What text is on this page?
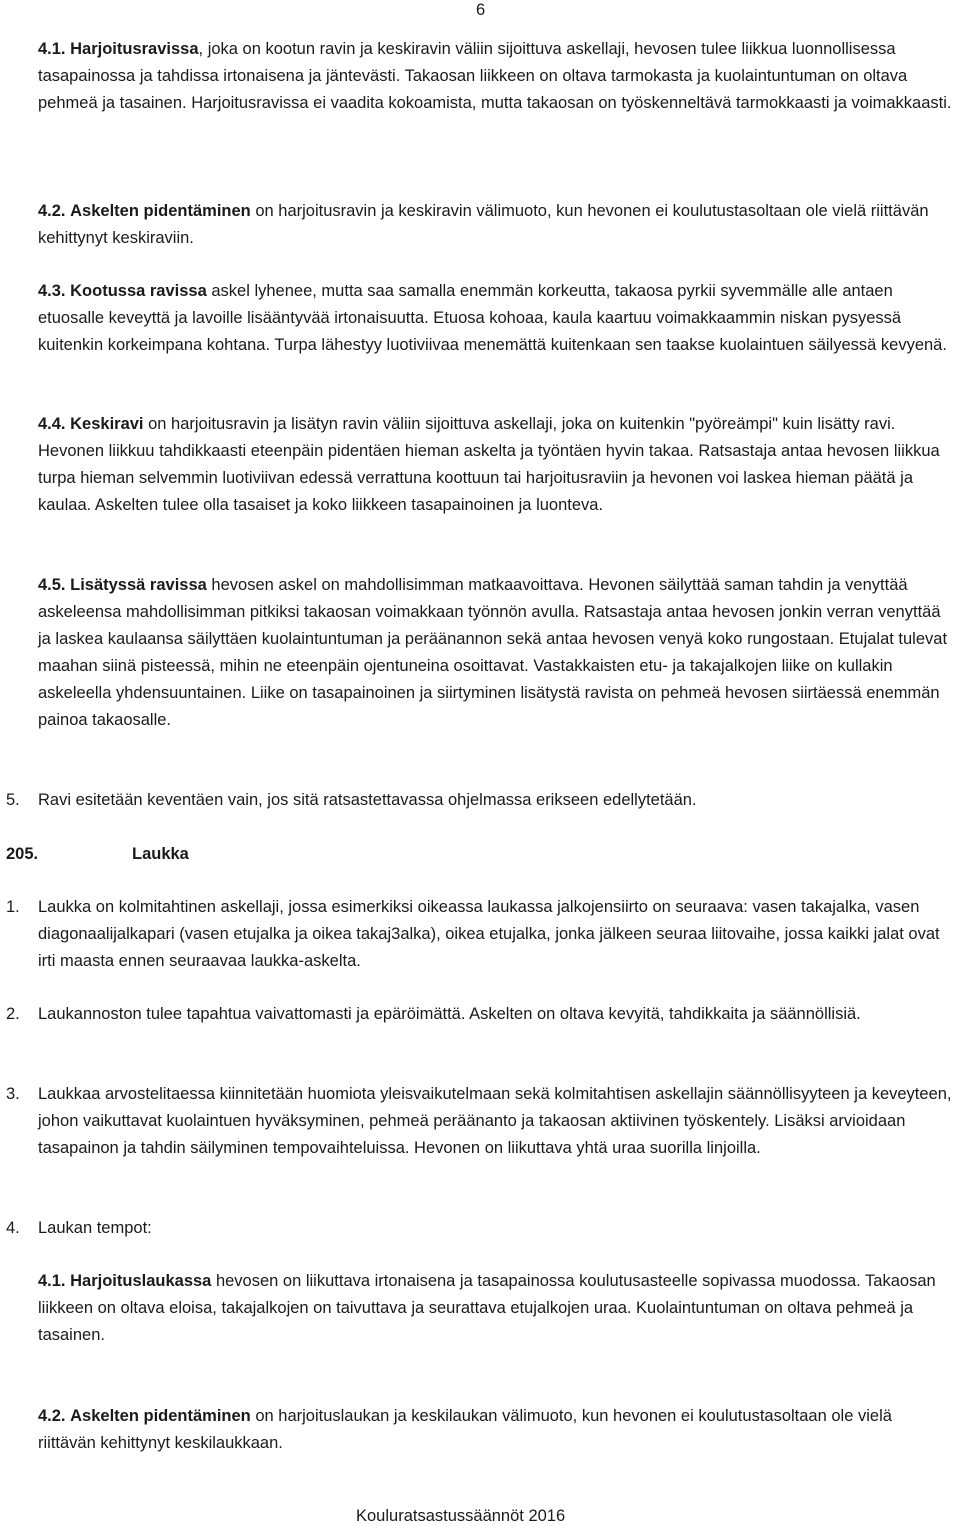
6

4.1. Harjoitusravissa, joka on kootun ravin ja keskiravin väliin sijoittuva askellaji, hevosen tulee liikkua luonnollisessa tasapainossa ja tahdissa irtonaisena ja jäntevästi. Takaosan liikkeen on oltava tarmokasta ja kuolaintuntuman on oltava pehmeä ja tasainen. Harjoitusravissa ei vaadita kokoamista, mutta takaosan on työskenneltävä tarmokkaasti ja voimakkaasti.

4.2. Askelten pidentäminen on harjoitusravin ja keskiravin välimuoto, kun hevonen ei koulutustasoltaan ole vielä riittävän kehittynyt keskiraviin.

4.3. Kootussa ravissa askel lyhenee, mutta saa samalla enemmän korkeutta, takaosa pyrkii syvemmälle alle antaen etuosalle keveyttä ja lavoille lisääntyvää irtonaisuutta. Etuosa kohoaa, kaula kaartuu voimakkaammin niskan pysyessä kuitenkin korkeimpana kohtana. Turpa lähestyy luotiviivaa menemättä kuitenkaan sen taakse kuolaintuen säilyessä kevyenä.

4.4. Keskiravi on harjoitusravin ja lisätyn ravin väliin sijoittuva askellaji, joka on kuitenkin "pyöreämpi" kuin lisätty ravi. Hevonen liikkuu tahdikkaasti eteenpäin pidentäen hieman askelta ja työntäen hyvin takaa. Ratsastaja antaa hevosen liikkua turpa hieman selvemmin luotiviivan edessä verrattuna koottuun tai harjoitusraviin ja hevonen voi laskea hieman päätä ja kaulaa. Askelten tulee olla tasaiset ja koko liikkeen tasapainoinen ja luonteva.

4.5. Lisätyssä ravissa hevosen askel on mahdollisimman matkaavoittava. Hevonen säilyttää saman tahdin ja venyttää askeleensa mahdollisimman pitkiksi takaosan voimakkaan työnnön avulla. Ratsastaja antaa hevosen jonkin verran venyttää ja laskea kaulaansa säilyttäen kuolaintuntuman ja peräänannon sekä antaa hevosen venyä koko rungostaan. Etujalat tulevat maahan siinä pisteessä, mihin ne eteenpäin ojentuneina osoittavat. Vastakkaisten etu- ja takajalkojen liike on kullakin askeleella yhdensuuntainen. Liike on tasapainoinen ja siirtyminen lisätystä ravista on pehmeä hevosen siirtäessä enemmän painoa takaosalle.

5. Ravi esitetään keventäen vain, jos sitä ratsastettavassa ohjelmassa erikseen edellytetään.

205.	Laukka

1. Laukka on kolmitahtinen askellaji, jossa esimerkiksi oikeassa laukassa jalkojensiirto on seuraava: vasen takajalka, vasen diagonaalijalkapari (vasen etujalka ja oikea takaj3alka), oikea etujalka, jonka jälkeen seuraa liitovaihe, jossa kaikki jalat ovat irti maasta ennen seuraavaa laukka-askelta.

2. Laukannoston tulee tapahtua vaivattomasti ja epäröimättä. Askelten on oltava kevyitä, tahdikkaita ja säännöllisiä.

3. Laukkaa arvostelitaessa kiinnitetään huomiota yleisvaikutelmaan sekä kolmitahtisen askellajin säännöllisyyteen ja keveyteen, johon vaikuttavat kuolaintuen hyväksyminen, pehmeä peräänanto ja takaosan aktiivinen työskentely. Lisäksi arvioidaan tasapainon ja tahdin säilyminen tempovaihteluissa. Hevonen on liikuttava yhtä uraa suorilla linjoilla.

4. Laukan tempot:

4.1. Harjoituslaukassa hevosen on liikuttava irtonaisena ja tasapainossa koulutusasteelle sopivassa muodossa. Takaosan liikkeen on oltava eloisa, takajalkojen on taivuttava ja seurattava etujalkojen uraa. Kuolaintuntuman on oltava pehmeä ja tasainen.

4.2. Askelten pidentäminen on harjoituslaukan ja keskilaukan välimuoto, kun hevonen ei koulutustasoltaan ole vielä riittävän kehittynyt keskilaukkaan.

Kouluratsastussäännöt 2016
